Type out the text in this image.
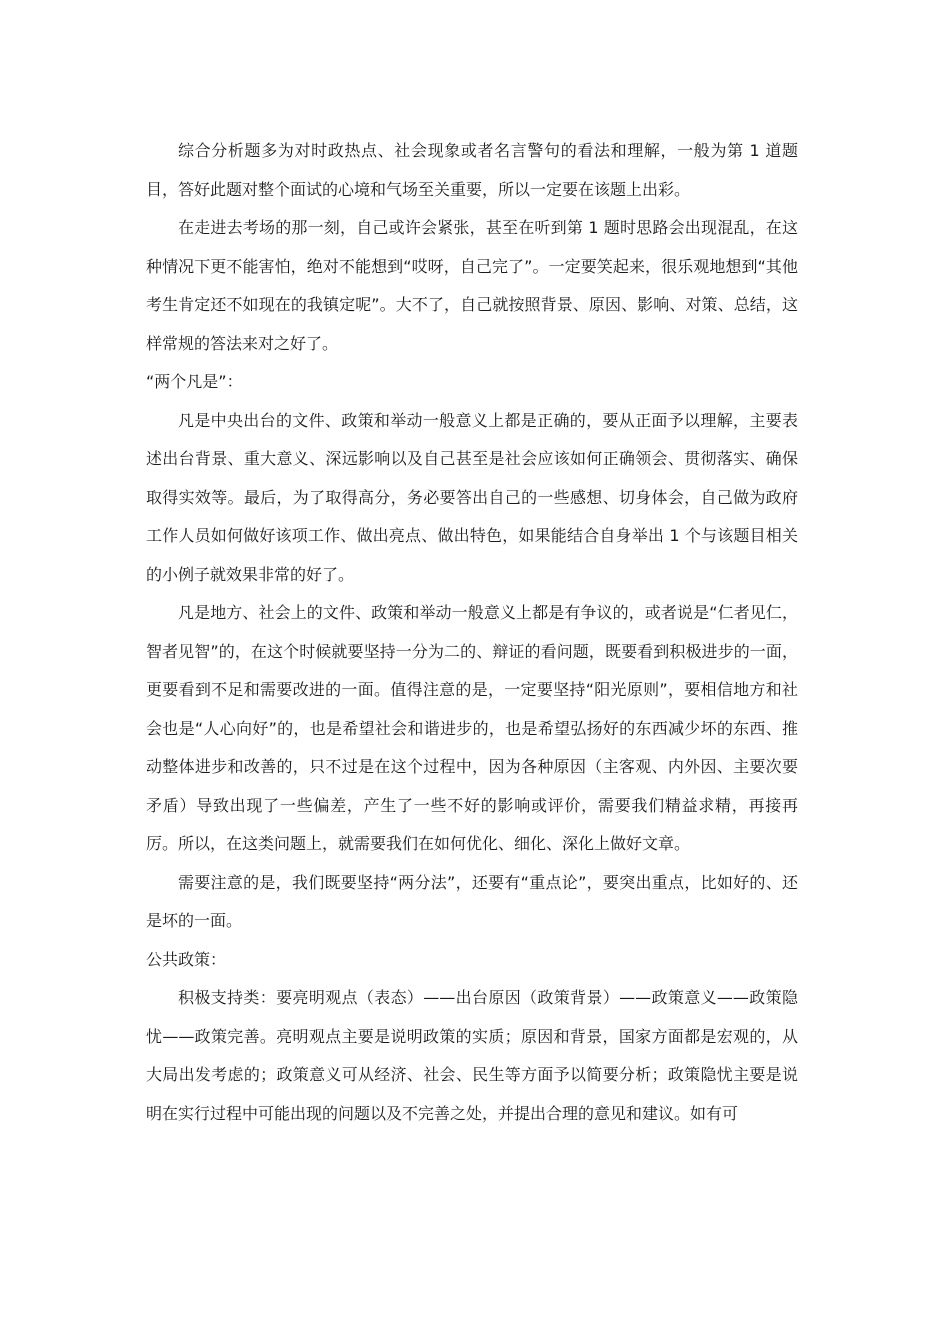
综合分析题多为对时政热点、社会现象或者名言警句的看法和理解，一般为第 1 道题目，答好此题对整个面试的心境和气场至关重要，所以一定要在该题上出彩。

在走进去考场的那一刻，自己或许会紧张，甚至在听到第 1 题时思路会出现混乱，在这种情况下更不能害怕，绝对不能想到“哎呀，自己完了”。一定要笑起来，很乐观地想到“其他考生肯定还不如现在的我镇定呢”。大不了，自己就按照背景、原因、影响、对策、总结，这样常规的答法来对之好了。

“两个凡是”：

凡是中央出台的文件、政策和举动一般意义上都是正确的，要从正面予以理解，主要表述出台背景、重大意义、深远影响以及自己甚至是社会应该如何正确领会、贯彻落实、确保取得实效等。最后，为了取得高分，务必要答出自己的一些感想、切身体会，自己做为政府工作人员如何做好该项工作、做出亮点、做出特色，如果能结合自身举出 1 个与该题目相关的小例子就效果非常的好了。

凡是地方、社会上的文件、政策和举动一般意义上都是有争议的，或者说是“仁者见仁，智者见智”的，在这个时候就要坚持一分为二的、辩证的看问题，既要看到积极进步的一面，更要看到不足和需要改进的一面。值得注意的是，一定要坚持“阳光原则”，要相信地方和社会也是“人心向好”的，也是希望社会和谐进步的，也是希望弘扬好的东西减少坏的东西、推动整体进步和改善的，只不过是在这个过程中，因为各种原因（主客观、内外因、主要次要矛盾）导致出现了一些偏差，产生了一些不好的影响或评价，需要我们精益求精，再接再厉。所以，在这类问题上，就需要我们在如何优化、细化、深化上做好文章。

需要注意的是，我们既要坚持“两分法”，还要有“重点论”，要突出重点，比如好的、还是坏的一面。

公共政策：

积极支持类：要亮明观点（表态）——出台原因（政策背景）——政策意义——政策隐忧——政策完善。亮明观点主要是说明政策的实质；原因和背景，国家方面都是宏观的，从大局出发考虑的；政策意义可从经济、社会、民生等方面予以简要分析；政策隐忧主要是说明在实行过程中可能出现的问题以及不完善之处，并提出合理的意见和建议。如有可
